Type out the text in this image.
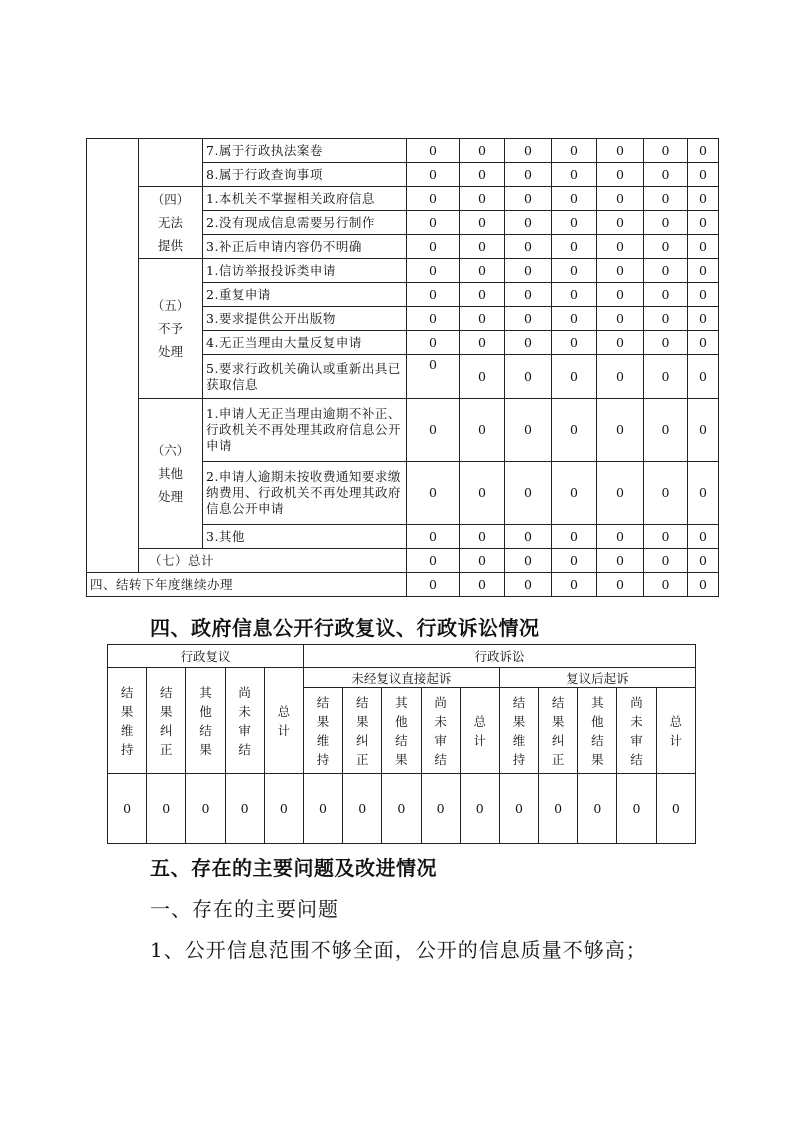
		7.属于行政执法案卷	0	0	0	0	0	0	0
		8.属于行政查询事项	0	0	0	0	0	0	0
	（四）
无法
提供	1.本机关不掌握相关政府信息	0	0	0	0	0	0	0
		2.没有现成信息需要另行制作	0	0	0	0	0	0	0
		3.补正后申请内容仍不明确	0	0	0	0	0	0	0
	（五）
不予
处理	1.信访举报投诉类申请	0	0	0	0	0	0	0
		2.重复申请	0	0	0	0	0	0	0
		3.要求提供公开出版物	0	0	0	0	0	0	0
		4.无正当理由大量反复申请	0	0	0	0	0	0	0
		5.要求行政机关确认或重新出具已获取信息	0	0	0	0	0	0	0
	（六）
其他
处理	1.申请人无正当理由逾期不补正、行政机关不再处理其政府信息公开申请	0	0	0	0	0	0	0
		2.申请人逾期未按收费通知要求缴纳费用、行政机关不再处理其政府信息公开申请	0	0	0	0	0	0	0
		3.其他	0	0	0	0	0	0	0
	（七）总计		0	0	0	0	0	0	0
四、结转下年度继续办理			0	0	0	0	0	0	0
四、政府信息公开行政复议、行政诉讼情况
行政复议					行政诉讼									
结果维持	结果纠正	其他结果	尚未审结	总计	未经复议直接起诉					复议后起诉				
					结果维持	结果纠正	其他结果	尚未审结	总计	结果维持	结果纠正	其他结果	尚未审结	总计
0	0	0	0	0	0	0	0	0	0	0	0	0	0	0
五、存在的主要问题及改进情况

一、存在的主要问题

1、公开信息范围不够全面，公开的信息质量不够高；
